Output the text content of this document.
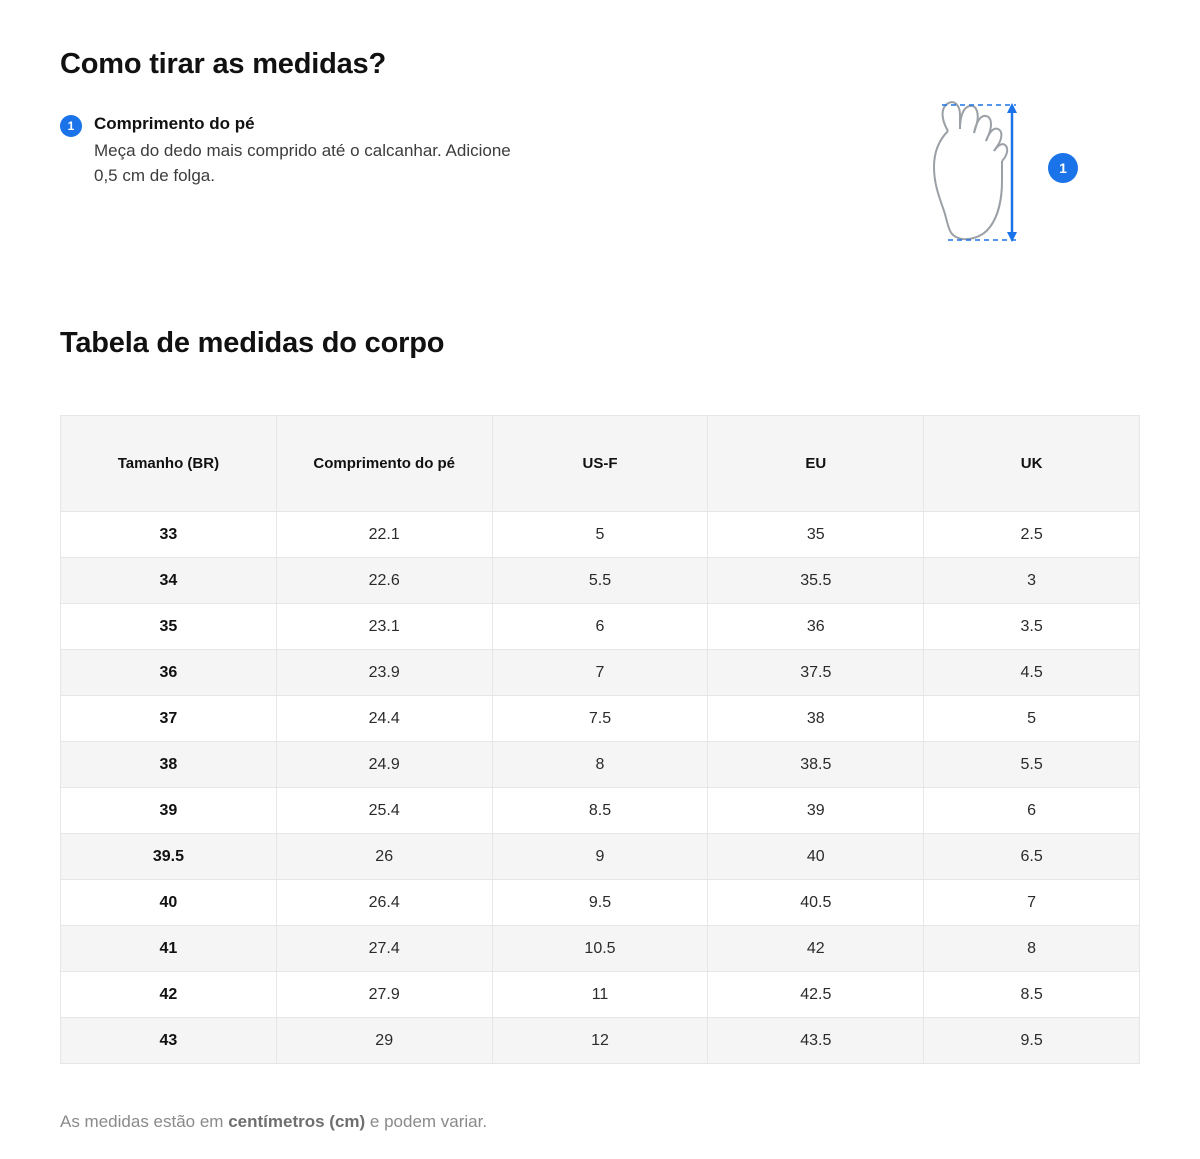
Como tirar as medidas?
1	Comprimento do pé

Meça do dedo mais comprido até o calcanhar. Adicione 0,5 cm de folga.	1
Tabela de medidas do corpo
Tamanho (BR)	Comprimento do pé	US-F	EU	UK
33	22.1	5	35	2.5
34	22.6	5.5	35.5	3
35	23.1	6	36	3.5
36	23.9	7	37.5	4.5
37	24.4	7.5	38	5
38	24.9	8	38.5	5.5
39	25.4	8.5	39	6
39.5	26	9	40	6.5
40	26.4	9.5	40.5	7
41	27.4	10.5	42	8
42	27.9	11	42.5	8.5
43	29	12	43.5	9.5

As medidas estão em centímetros (cm) e podem variar.
